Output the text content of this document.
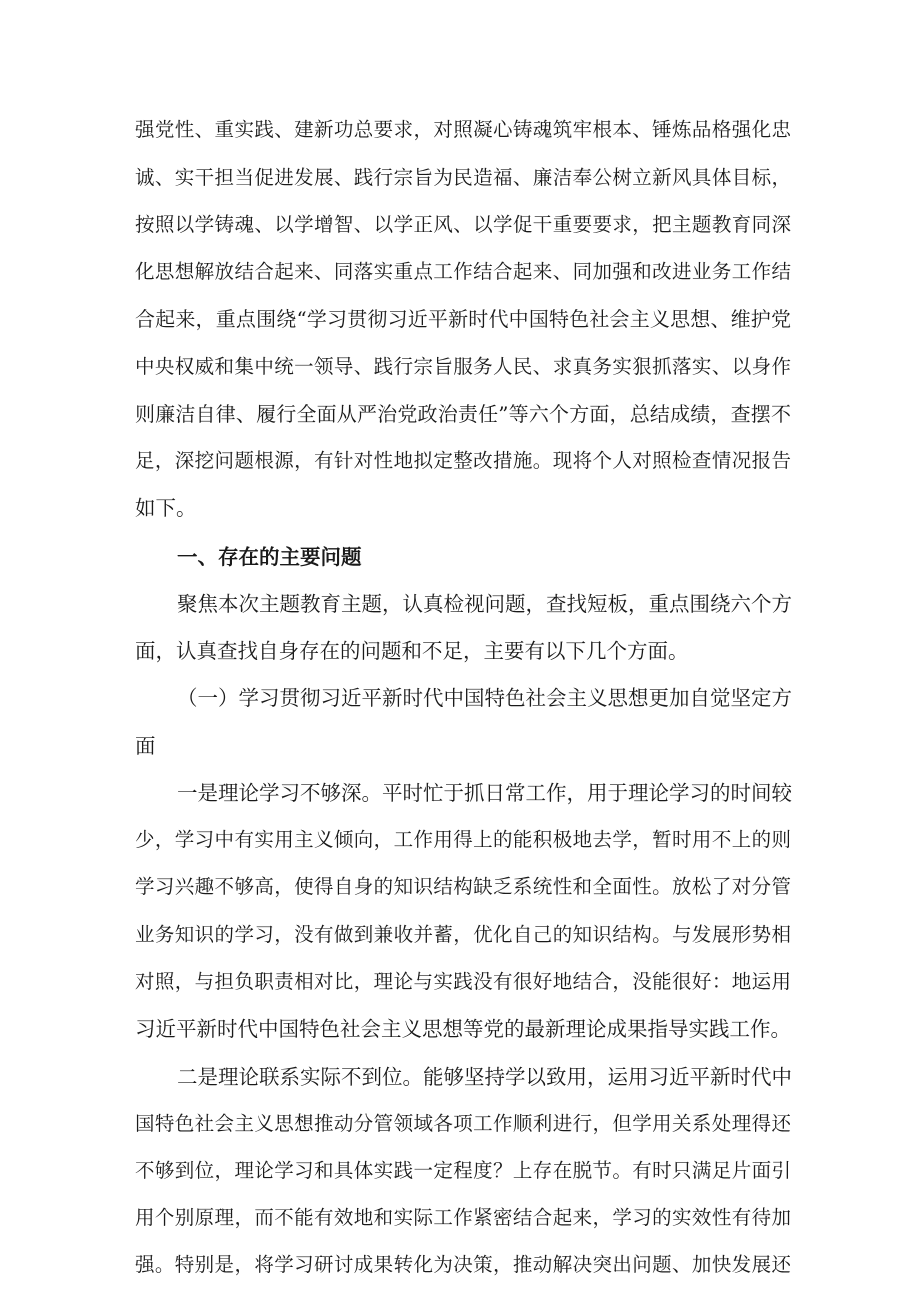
强党性、重实践、建新功总要求，对照凝心铸魂筑牢根本、锤炼品格强化忠
诚、实干担当促进发展、践行宗旨为民造福、廉洁奉公树立新风具体目标，
按照以学铸魂、以学增智、以学正风、以学促干重要要求，把主题教育同深
化思想解放结合起来、同落实重点工作结合起来、同加强和改进业务工作结
合起来，重点围绕“学习贯彻习近平新时代中国特色社会主义思想、维护党
中央权威和集中统一领导、践行宗旨服务人民、求真务实狠抓落实、以身作
则廉洁自律、履行全面从严治党政治责任”等六个方面，总结成绩，查摆不
足，深挖问题根源，有针对性地拟定整改措施。现将个人对照检查情况报告
如下。
一、存在的主要问题
聚焦本次主题教育主题，认真检视问题，查找短板，重点围绕六个方
面，认真查找自身存在的问题和不足，主要有以下几个方面。
（一）学习贯彻习近平新时代中国特色社会主义思想更加自觉坚定方
面
一是理论学习不够深。平时忙于抓日常工作，用于理论学习的时间较
少，学习中有实用主义倾向，工作用得上的能积极地去学，暂时用不上的则
学习兴趣不够高，使得自身的知识结构缺乏系统性和全面性。放松了对分管
业务知识的学习，没有做到兼收并蓄，优化自己的知识结构。与发展形势相
对照，与担负职责相对比，理论与实践没有很好地结合，没能很好：地运用
习近平新时代中国特色社会主义思想等党的最新理论成果指导实践工作。
二是理论联系实际不到位。能够坚持学以致用，运用习近平新时代中
国特色社会主义思想推动分管领域各项工作顺利进行，但学用关系处理得还
不够到位，理论学习和具体实践一定程度？上存在脱节。有时只满足片面引
用个别原理，而不能有效地和实际工作紧密结合起来，学习的实效性有待加
强。特别是，将学习研讨成果转化为决策，推动解决突出问题、加快发展还
